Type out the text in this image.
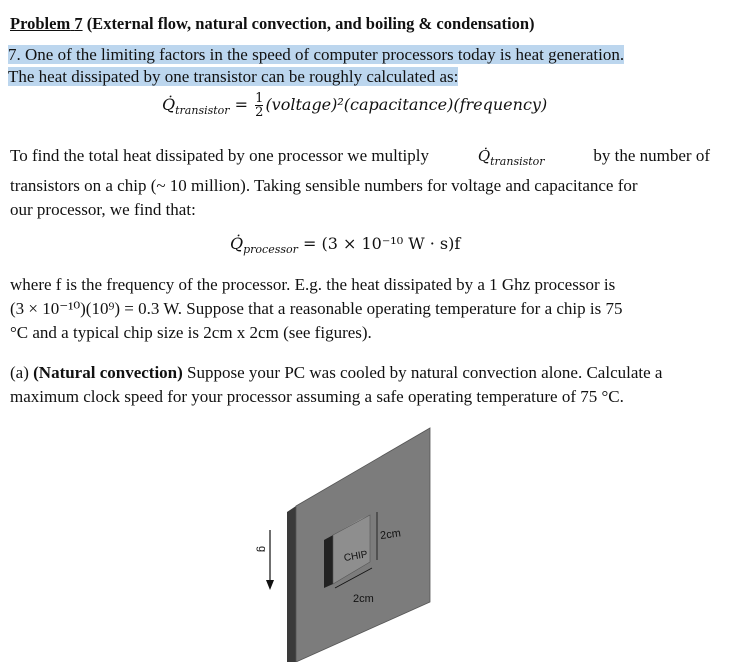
Problem 7 (External flow, natural convection, and boiling & condensation)
7. One of the limiting factors in the speed of computer processors today is heat generation.
The heat dissipated by one transistor can be roughly calculated as:
$Q̇_{transistor} = \frac{1}{2}$ (voltage)²(capacitance)(frequency)
To find the total heat dissipated by one processor we multiply	$Q̇_{transistor}$	by the number of
transistors on a chip (~ 10 million). Taking sensible numbers for voltage and capacitance for
our processor, we find that:
$Q̇_{processor} = (3 \times 10^{-10}$ W · s)f
where f is the frequency of the processor. E.g. the heat dissipated by a 1 Ghz processor is
(3 × 10⁻¹⁰)(10⁹) = 0.3 W. Suppose that a reasonable operating temperature for a chip is 75
°C and a typical chip size is 2cm x 2cm (see figures).
(a) (Natural convection) Suppose your PC was cooled by natural convection alone. Calculate a
maximum clock speed for your processor assuming a safe operating temperature of 75 °C.
CHIP
2cm
2cm
g
